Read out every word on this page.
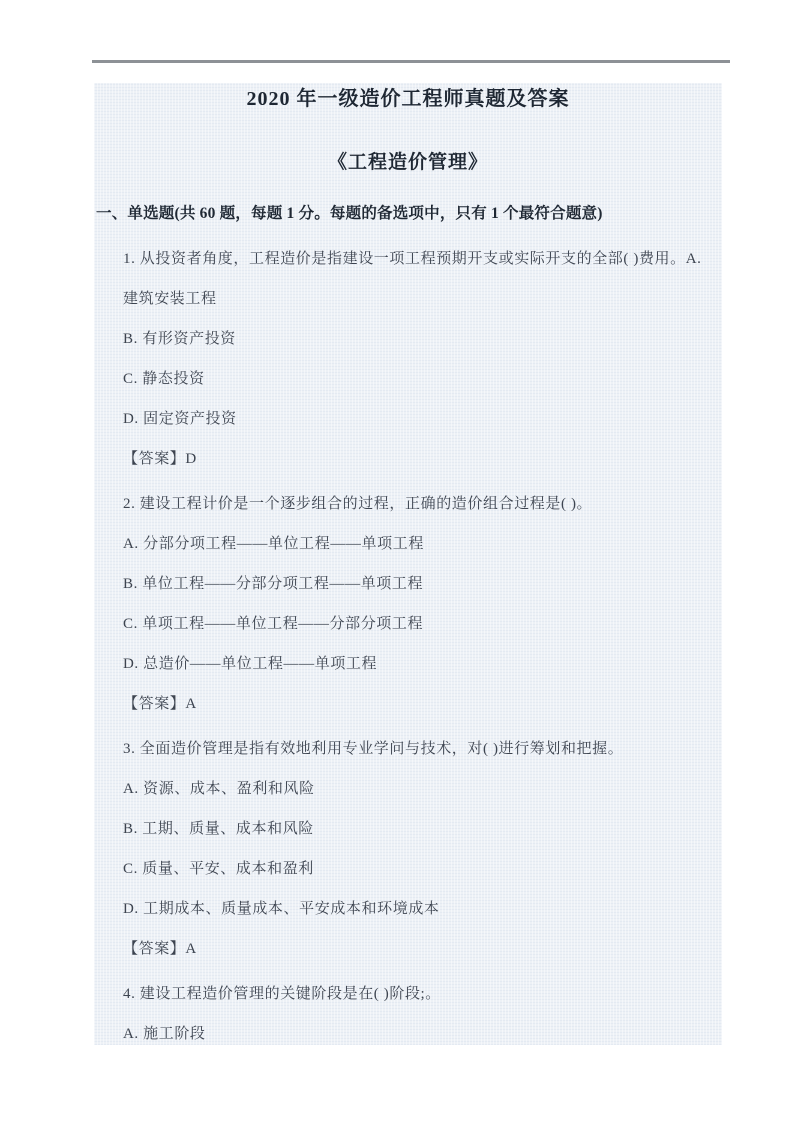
2020 年一级造价工程师真题及答案
《工程造价管理》
一、单选题(共 60 题，每题 1 分。每题的备选项中，只有 1 个最符合题意)

1. 从投资者角度，工程造价是指建设一项工程预期开支或实际开支的全部( )费用。A.

建筑安装工程

B. 有形资产投资

C. 静态投资

D. 固定资产投资

【答案】D

2. 建设工程计价是一个逐步组合的过程，正确的造价组合过程是( )。

A. 分部分项工程——单位工程——单项工程

B. 单位工程——分部分项工程——单项工程

C. 单项工程——单位工程——分部分项工程

D. 总造价——单位工程——单项工程

【答案】A

3. 全面造价管理是指有效地利用专业学问与技术，对( )进行筹划和把握。

A. 资源、成本、盈利和风险

B. 工期、质量、成本和风险

C. 质量、平安、成本和盈利

D. 工期成本、质量成本、平安成本和环境成本

【答案】A

4. 建设工程造价管理的关键阶段是在( )阶段;。

A. 施工阶段
